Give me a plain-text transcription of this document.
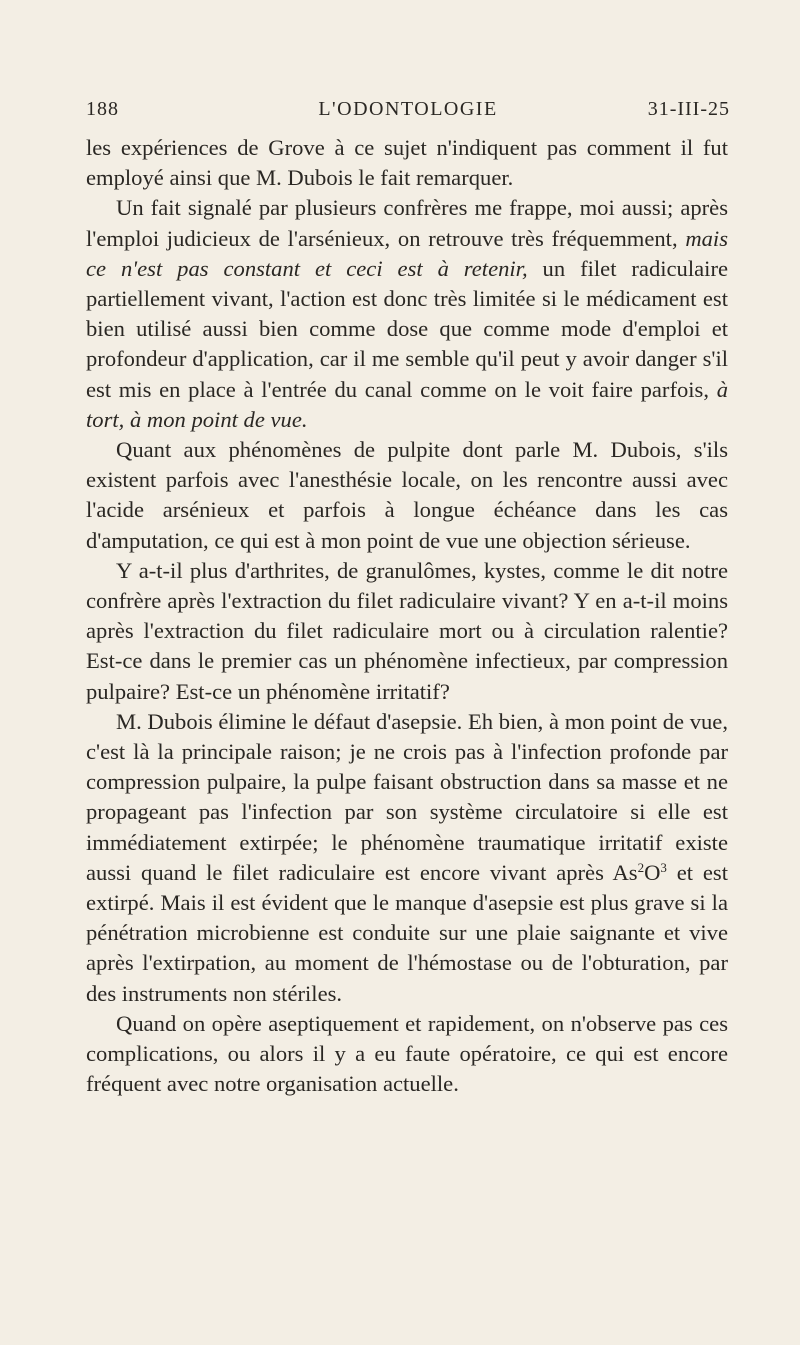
188	L'ODONTOLOGIE	31-III-25

les expériences de Grove à ce sujet n'indiquent pas comment il fut employé ainsi que M. Dubois le fait remarquer.

Un fait signalé par plusieurs confrères me frappe, moi aussi; après l'emploi judicieux de l'arsénieux, on retrouve très fréquemment, mais ce n'est pas constant et ceci est à retenir, un filet radiculaire partiellement vivant, l'action est donc très limitée si le médicament est bien utilisé aussi bien comme dose que comme mode d'emploi et profondeur d'application, car il me semble qu'il peut y avoir danger s'il est mis en place à l'entrée du canal comme on le voit faire parfois, à tort, à mon point de vue.

Quant aux phénomènes de pulpite dont parle M. Dubois, s'ils existent parfois avec l'anesthésie locale, on les rencontre aussi avec l'acide arsénieux et parfois à longue échéance dans les cas d'amputation, ce qui est à mon point de vue une objection sérieuse.

Y a-t-il plus d'arthrites, de granulômes, kystes, comme le dit notre confrère après l'extraction du filet radiculaire vivant? Y en a-t-il moins après l'extraction du filet radiculaire mort ou à circulation ralentie? Est-ce dans le premier cas un phénomène infectieux, par compression pulpaire? Est-ce un phénomène irritatif?

M. Dubois élimine le défaut d'asepsie. Eh bien, à mon point de vue, c'est là la principale raison; je ne crois pas à l'infection profonde par compression pulpaire, la pulpe faisant obstruction dans sa masse et ne propageant pas l'infection par son système circulatoire si elle est immédiatement extirpée; le phénomène traumatique irritatif existe aussi quand le filet radiculaire est encore vivant après $As^2O^3$ et est extirpé. Mais il est évident que le manque d'asepsie est plus grave si la pénétration microbienne est conduite sur une plaie saignante et vive après l'extirpation, au moment de l'hémostase ou de l'obturation, par des instruments non stériles.

Quand on opère aseptiquement et rapidement, on n'observe pas ces complications, ou alors il y a eu faute opératoire, ce qui est encore fréquent avec notre organisation actuelle.
